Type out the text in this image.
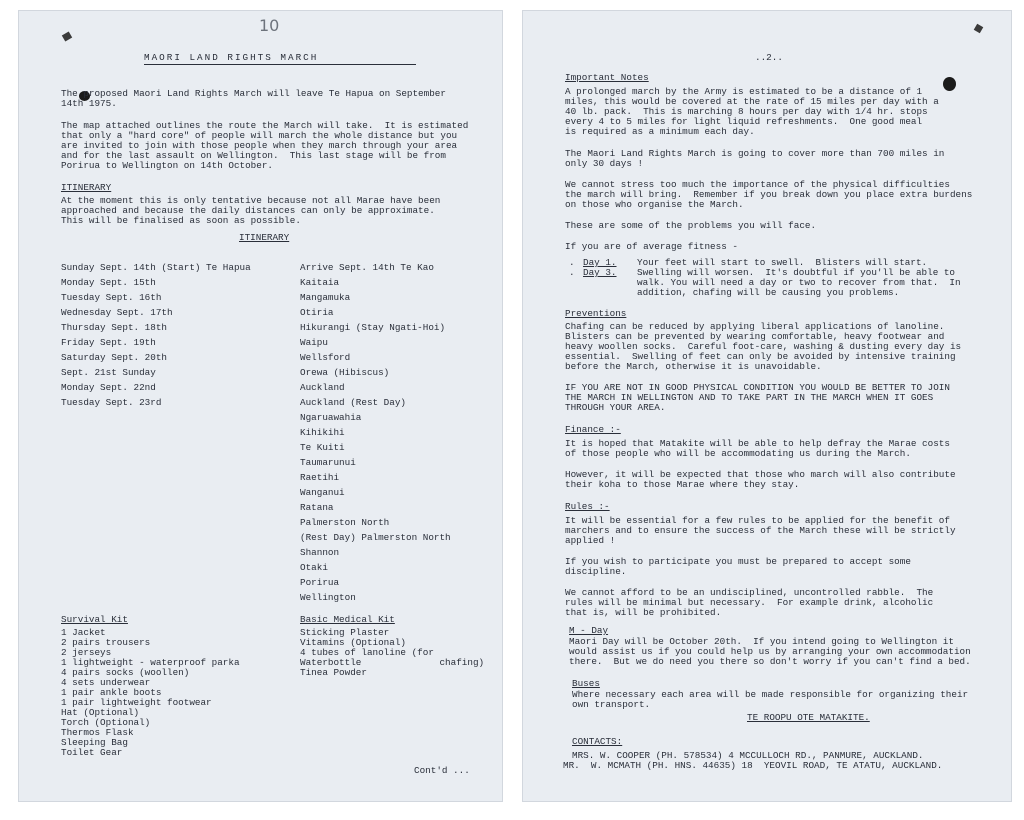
10
MAORI LAND RIGHTS MARCH
The proposed Maori Land Rights March will leave Te Hapua on September
14th 1975.
The map attached outlines the route the March will take.  It is estimated
that only a "hard core" of people will march the whole distance but you
are invited to join with those people when they march through your area
and for the last assault on Wellington.  This last stage will be from
Porirua to Wellington on 14th October.
ITINERARY
At the moment this is only tentative because not all Marae have been
approached and because the daily distances can only be approximate.
This will be finalised as soon as possible.
ITINERARY
Sunday Sept. 14th (Start) Te Hapua
Monday Sept. 15th
Tuesday Sept. 16th
Wednesday Sept. 17th
Thursday Sept. 18th
Friday Sept. 19th
Saturday Sept. 20th
Sept. 21st Sunday
Monday Sept. 22nd
Tuesday Sept. 23rd
Arrive Sept. 14th Te Kao
Kaitaia
Mangamuka
Otiria
Hikurangi (Stay Ngati-Hoi)
Waipu
Wellsford
Orewa (Hibiscus)
Auckland
Auckland (Rest Day)
Ngaruawahia
Kihikihi
Te Kuiti
Taumarunui
Raetihi
Wanganui
Ratana
Palmerston North
(Rest Day) Palmerston North
Shannon
Otaki
Porirua
Wellington
Survival Kit
1 Jacket
2 pairs trousers
2 jerseys
1 lightweight - waterproof parka
4 pairs socks (woollen)
4 sets underwear
1 pair ankle boots
1 pair lightweight footwear
Hat (Optional)
Torch (Optional)
Thermos Flask
Sleeping Bag
Toilet Gear
Basic Medical Kit
Sticking Plaster
Vitamins (Optional)
4 tubes of lanoline (for
Waterbottle              chafing)
Tinea Powder
Cont'd ...
..2..
Important Notes
A prolonged march by the Army is estimated to be a distance of 1
miles, this would be covered at the rate of 15 miles per day with a
40 lb. pack.  This is marching 8 hours per day with 1/4 hr. stops
every 4 to 5 miles for light liquid refreshments.  One good meal
is required as a minimum each day.
The Maori Land Rights March is going to cover more than 700 miles in
only 30 days !
We cannot stress too much the importance of the physical difficulties
the march will bring.  Remember if you break down you place extra burdens
on those who organise the March.
These are some of the problems you will face.
If you are of average fitness -
. Day 1. Your feet will start to swell.  Blisters will start.
. Day 3. Swelling will worsen.  It's doubtful if you'll be able to
walk. You will need a day or two to recover from that.  In
addition, chafing will be causing you problems.
Preventions
Chafing can be reduced by applying liberal applications of lanoline.
Blisters can be prevented by wearing comfortable, heavy footwear and
heavy woollen socks.  Careful foot-care, washing & dusting every day is
essential.  Swelling of feet can only be avoided by intensive training
before the March, otherwise it is unavoidable.
IF YOU ARE NOT IN GOOD PHYSICAL CONDITION YOU WOULD BE BETTER TO JOIN
THE MARCH IN WELLINGTON AND TO TAKE PART IN THE MARCH WHEN IT GOES
THROUGH YOUR AREA.
Finance :-
It is hoped that Matakite will be able to help defray the Marae costs
of those people who will be accommodating us during the March.
However, it will be expected that those who march will also contribute
their koha to those Marae where they stay.
Rules :-
It will be essential for a few rules to be applied for the benefit of
marchers and to ensure the success of the March these will be strictly
applied !
If you wish to participate you must be prepared to accept some
discipline.
We cannot afford to be an undisciplined, uncontrolled rabble.  The
rules will be minimal but necessary.  For example drink, alcoholic
that is, will be prohibited.
M - Day
Maori Day will be October 20th.  If you intend going to Wellington it
would assist us if you could help us by arranging your own accommodation
there.  But we do need you there so don't worry if you can't find a bed.
Buses
Where necessary each area will be made responsible for organizing their
own transport.
TE ROOPU OTE MATAKITE.
CONTACTS:
MRS. W. COOPER (PH. 578534) 4 MCCULLOCH RD., PANMURE, AUCKLAND.
MR.  W. MCMATH (PH. HNS. 44635) 18  YEOVIL ROAD, TE ATATU, AUCKLAND.
